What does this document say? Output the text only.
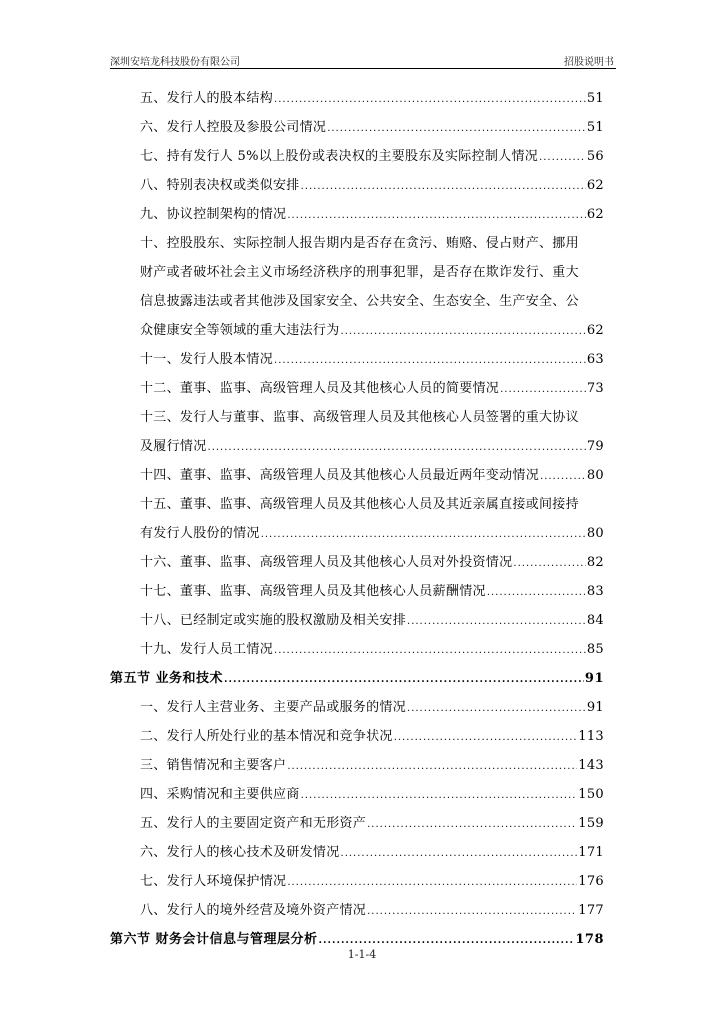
深圳安培龙科技股份有限公司	招股说明书
五、发行人的股本结构 .....	51
六、发行人控股及参股公司情况 .....	51
七、持有发行人 5%以上股份或表决权的主要股东及实际控制人情况 .....	56
八、特别表决权或类似安排 .....	62
九、协议控制架构的情况 .....	62
十、控股股东、实际控制人报告期内是否存在贪污、贿赂、侵占财产、挪用
财产或者破坏社会主义市场经济秩序的刑事犯罪，是否存在欺诈发行、重大
信息披露违法或者其他涉及国家安全、公共安全、生态安全、生产安全、公
众健康安全等领域的重大违法行为 .....	62
十一、发行人股本情况 .....	63
十二、董事、监事、高级管理人员及其他核心人员的简要情况 .....	73
十三、发行人与董事、监事、高级管理人员及其他核心人员签署的重大协议
及履行情况 .....	79
十四、董事、监事、高级管理人员及其他核心人员最近两年变动情况 .....	80
十五、董事、监事、高级管理人员及其他核心人员及其近亲属直接或间接持
有发行人股份的情况 .....	80
十六、董事、监事、高级管理人员及其他核心人员对外投资情况 .....	82
十七、董事、监事、高级管理人员及其他核心人员薪酬情况 .....	83
十八、已经制定或实施的股权激励及相关安排 .....	84
十九、发行人员工情况 .....	85
第五节 业务和技术 .....	91
一、发行人主营业务、主要产品或服务的情况 .....	91
二、发行人所处行业的基本情况和竞争状况 .....	113
三、销售情况和主要客户 .....	143
四、采购情况和主要供应商 .....	150
五、发行人的主要固定资产和无形资产 .....	159
六、发行人的核心技术及研发情况 .....	171
七、发行人环境保护情况 .....	176
八、发行人的境外经营及境外资产情况 .....	177
第六节 财务会计信息与管理层分析 .....	178
1-1-4
